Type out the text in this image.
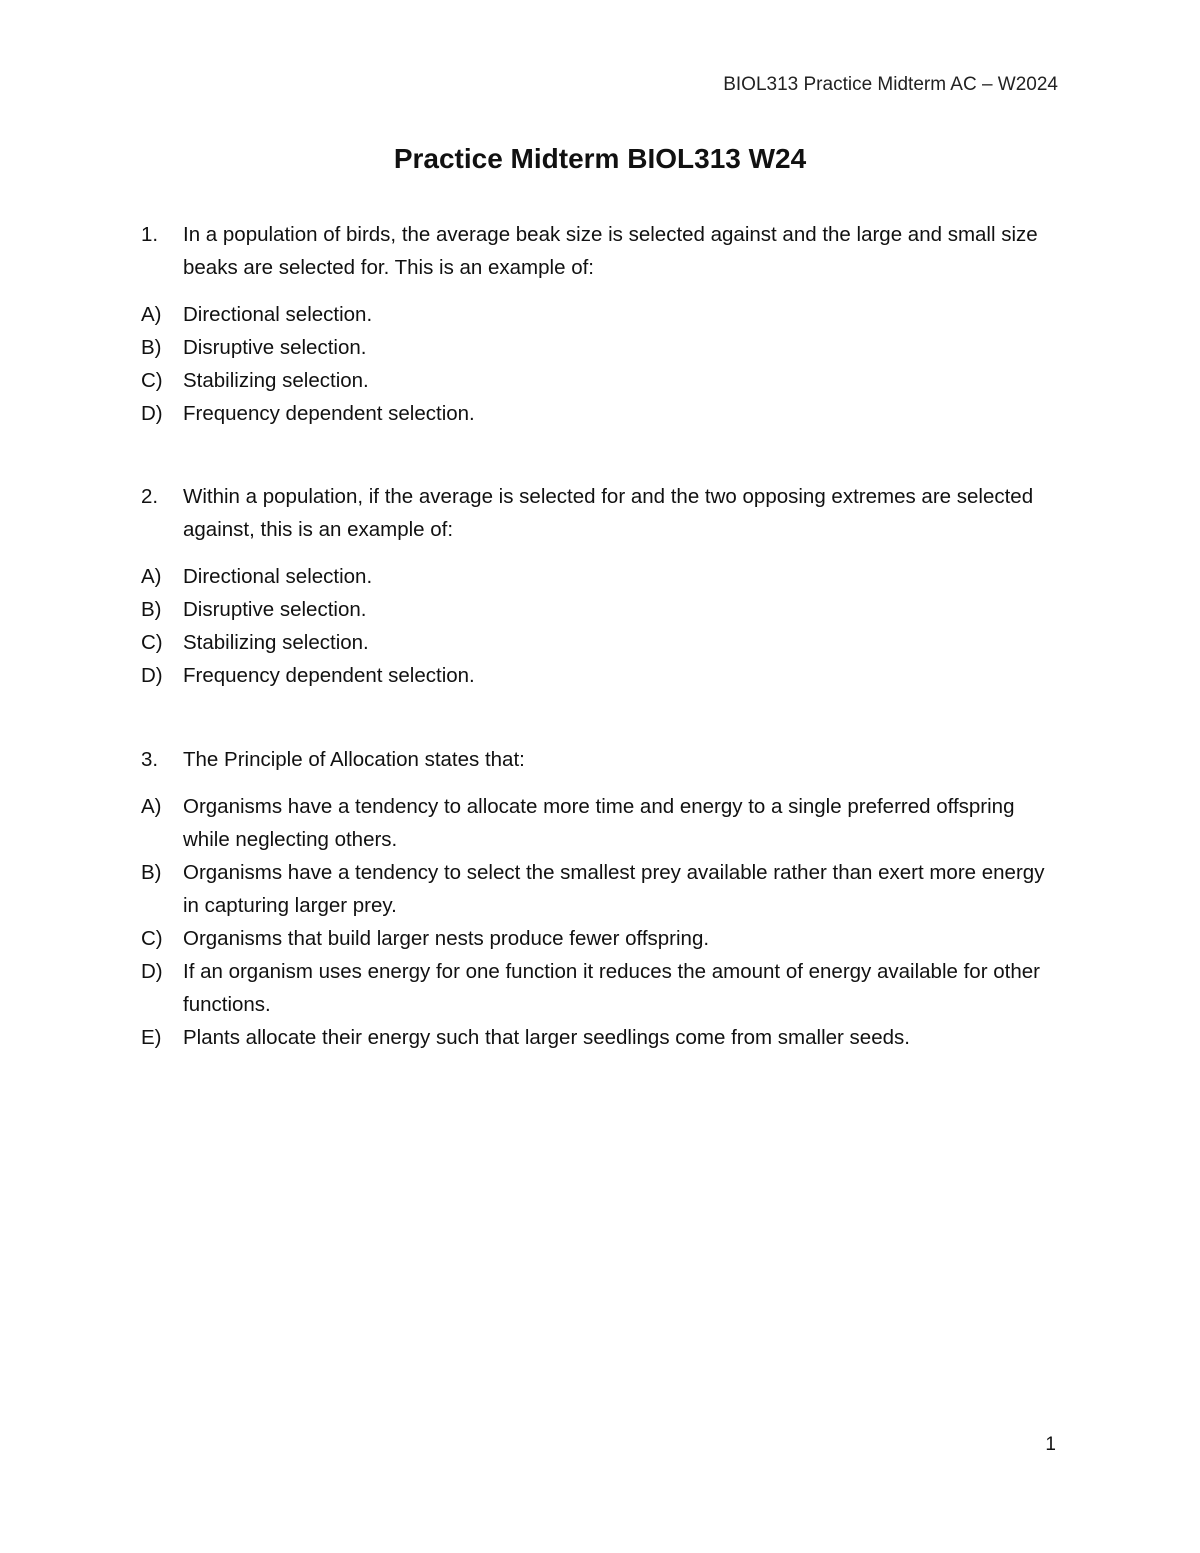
BIOL313 Practice Midterm AC – W2024
Practice Midterm BIOL313 W24

1. In a population of birds, the average beak size is selected against and the large and small size beaks are selected for. This is an example of:

A) Directional selection.
B) Disruptive selection.
C) Stabilizing selection.
D) Frequency dependent selection.

2. Within a population, if the average is selected for and the two opposing extremes are selected against, this is an example of:

A) Directional selection.
B) Disruptive selection.
C) Stabilizing selection.
D) Frequency dependent selection.

3. The Principle of Allocation states that:

A) Organisms have a tendency to allocate more time and energy to a single preferred offspring while neglecting others.
B) Organisms have a tendency to select the smallest prey available rather than exert more energy in capturing larger prey.
C) Organisms that build larger nests produce fewer offspring.
D) If an organism uses energy for one function it reduces the amount of energy available for other functions.
E) Plants allocate their energy such that larger seedlings come from smaller seeds.
1
